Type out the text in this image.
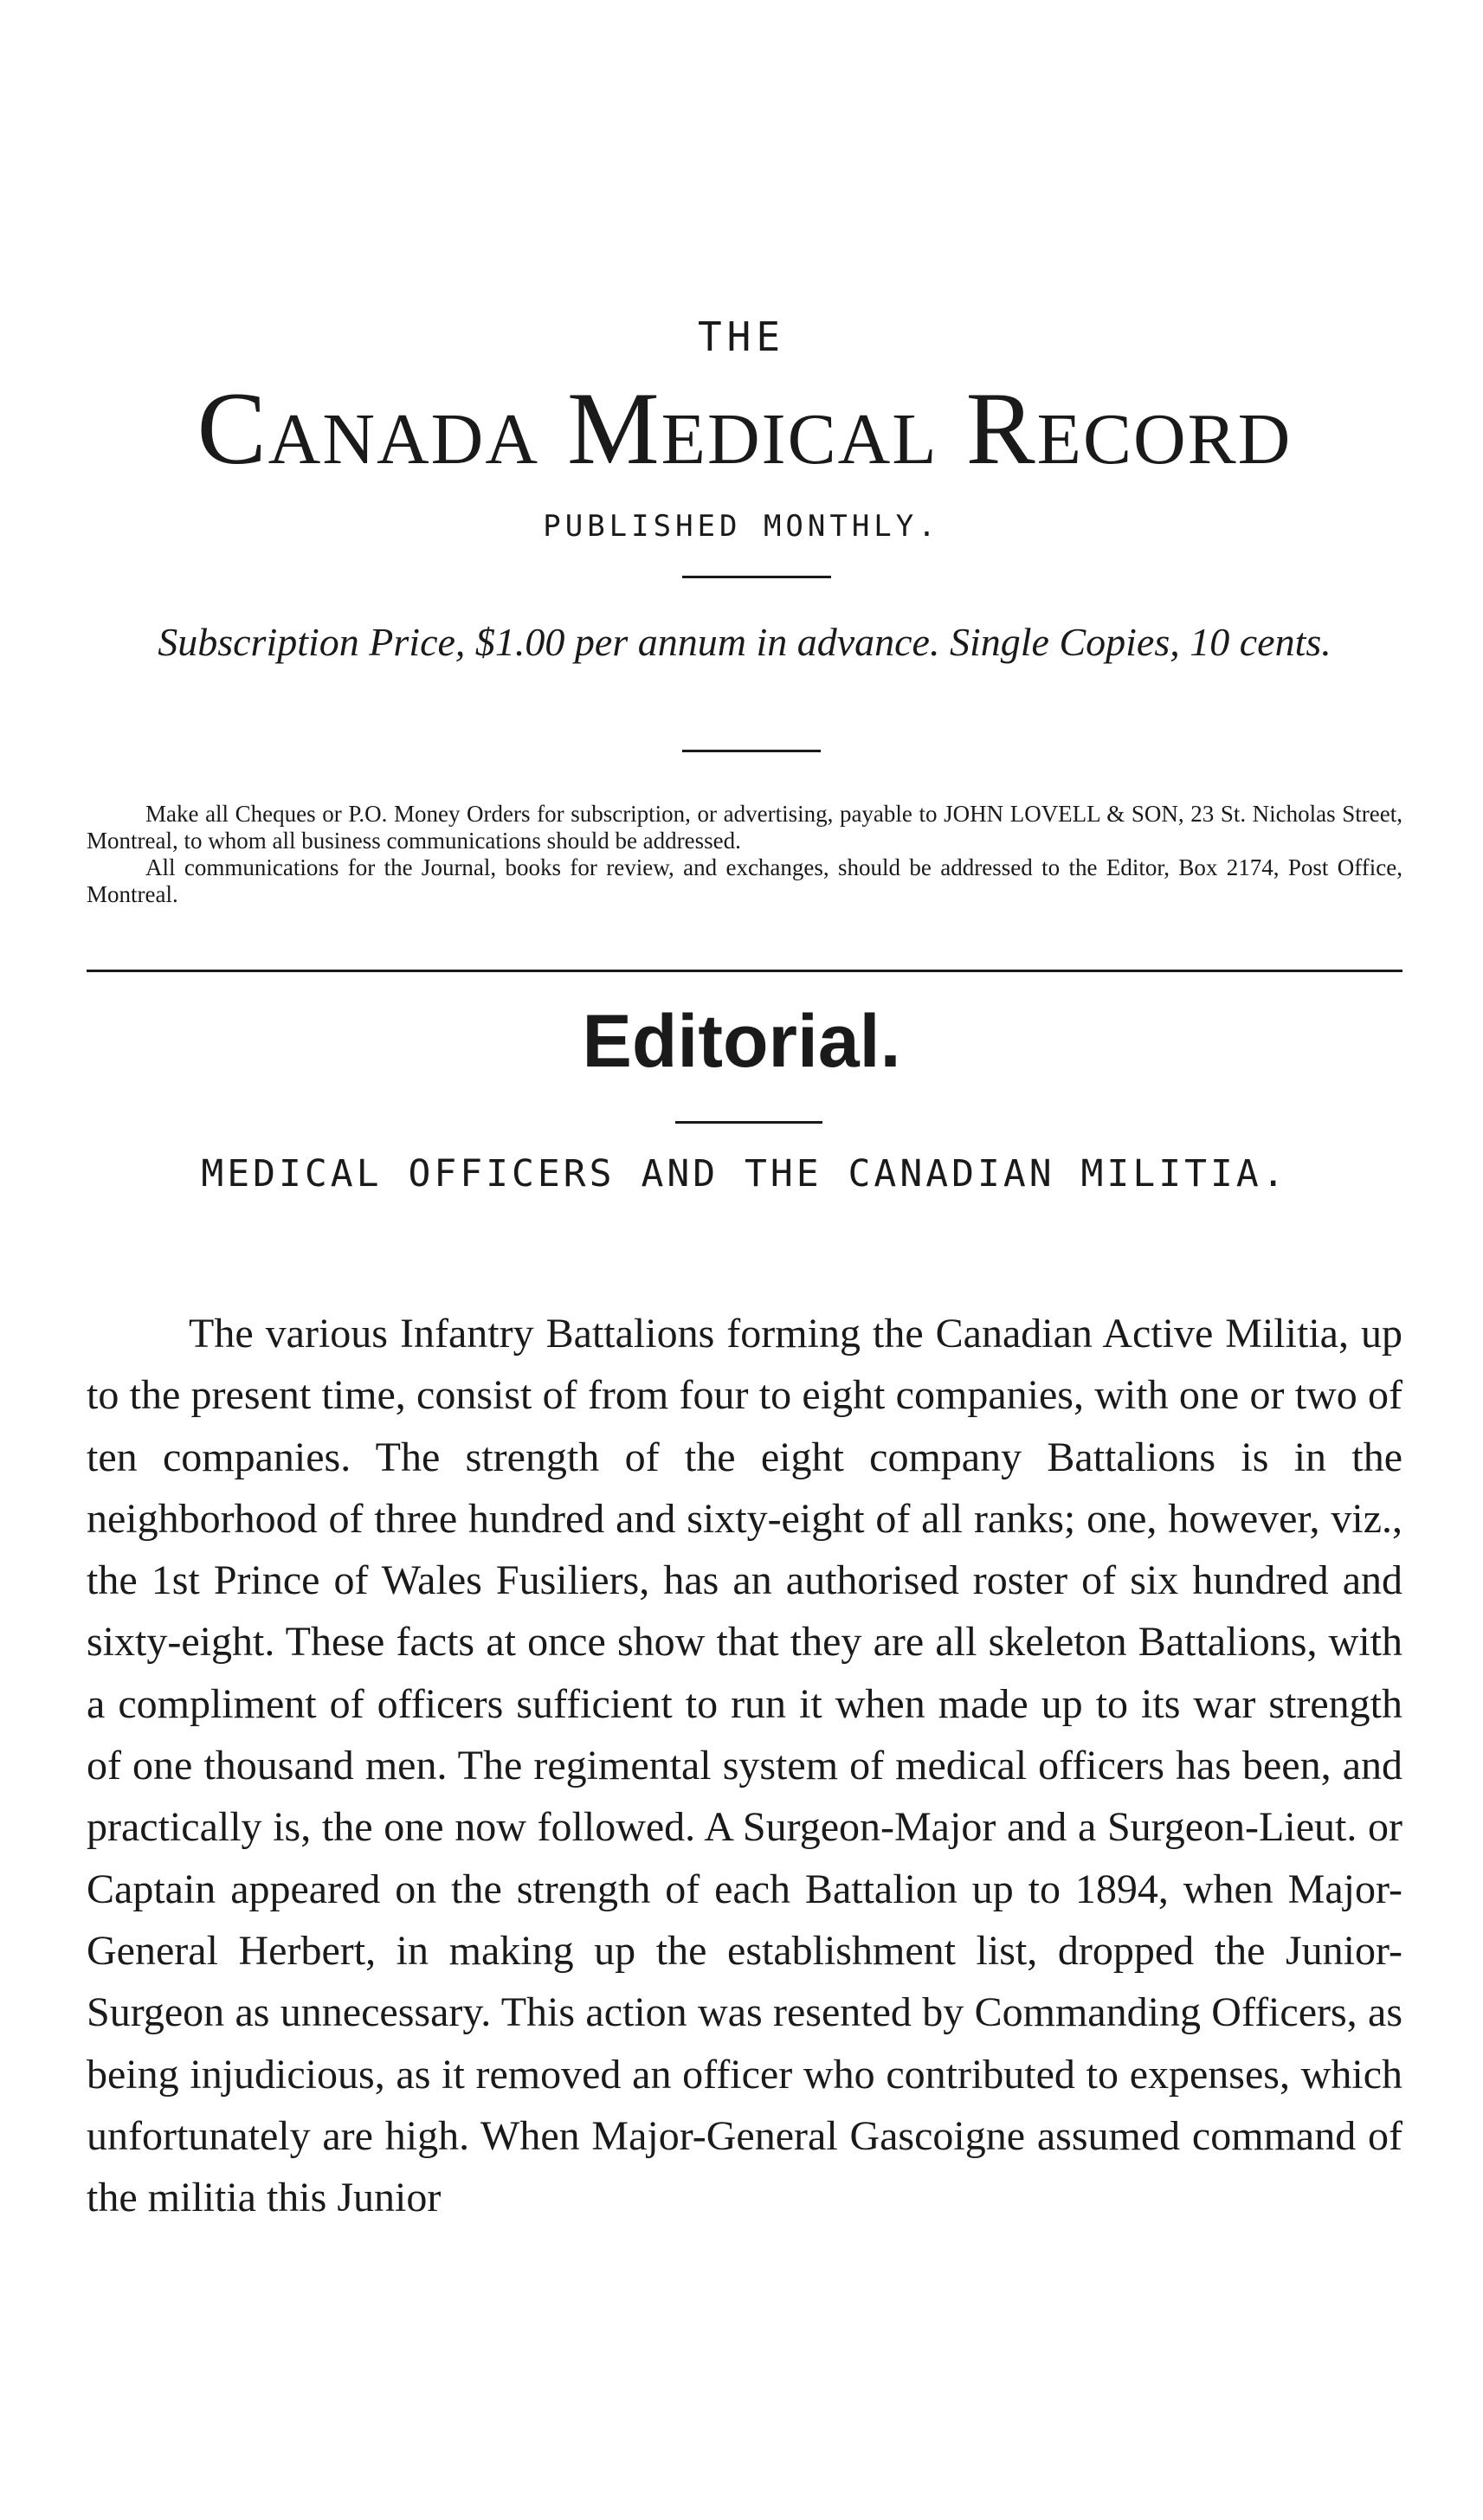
THE
Canada Medical Record
PUBLISHED MONTHLY.
Subscription Price, $1.00 per annum in advance. Single Copies, 10 cents.

Make all Cheques or P.O. Money Orders for subscription, or advertising, payable to JOHN LOVELL & SON, 23 St. Nicholas Street, Montreal, to whom all business communications should be addressed.

All communications for the Journal, books for review, and exchanges, should be addressed to the Editor, Box 2174, Post Office, Montreal.

Editorial.
MEDICAL OFFICERS AND THE CANADIAN MILITIA.

The various Infantry Battalions forming the Canadian Active Militia, up to the present time, consist of from four to eight companies, with one or two of ten companies. The strength of the eight company Battalions is in the neighborhood of three hundred and sixty-eight of all ranks; one, however, viz., the 1st Prince of Wales Fusiliers, has an authorised roster of six hundred and sixty-eight. These facts at once show that they are all skeleton Battalions, with a compliment of officers sufficient to run it when made up to its war strength of one thousand men. The regimental system of medical officers has been, and practically is, the one now followed. A Surgeon-Major and a Surgeon-Lieut. or Captain appeared on the strength of each Battalion up to 1894, when Major-General Herbert, in making up the establishment list, dropped the Junior-Surgeon as unnecessary. This action was resented by Commanding Officers, as being injudicious, as it removed an officer who contributed to expenses, which unfortunately are high. When Major-General Gascoigne assumed command of the militia this Junior
